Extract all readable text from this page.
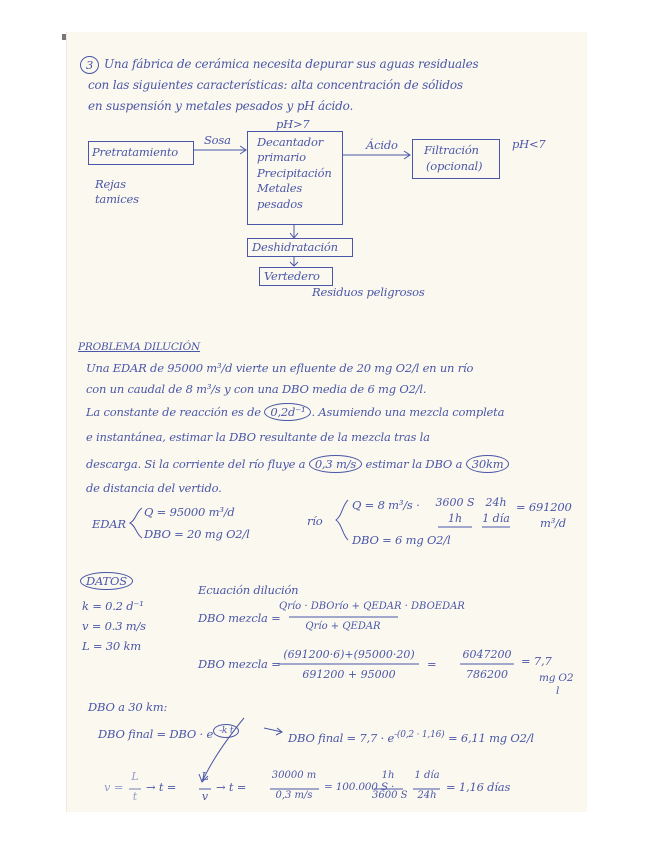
3 Una fábrica de cerámica necesita depurar sus aguas residuales
con las siguientes características: alta concentración de sólidos
en suspensión y metales pesados y pH ácido.
Pretratamiento
Rejas
tamices
Sosa
pH>7
Decantador
primario
Precipitación
Metales
pesados
Ácido Filtración
(opcional)
pH<7
Deshidratación
Vertedero
Residuos peligrosos
PROBLEMA DILUCIÓN
Una EDAR de 95000 m³/d vierte un efluente de 20 mg O2/l en un río
con un caudal de 8 m³/s y con una DBO media de 6 mg O2/l.
La constante de reacción es de 0,2d⁻¹ . Asumiendo una mezcla completa
e instantánea, estimar la DBO resultante de la mezcla tras la
descarga. Si la corriente del río fluye a 0,3 m/s estimar la DBO a 30km
de distancia del vertido.
EDAR
Q = 95000 m³/d
DBO = 20 mg O2/l
río
Q = 8 m³/s ·	3600 S
1h
24h
1 día
= 691200
m³/d
DBO = 6 mg O2/l
DATOS
k = 0.2 d⁻¹
v = 0.3 m/s
L = 30 km
Ecuación dilución
DBO mezcla =
Qrío · DBOrío + QEDAR · DBOEDAR
Qrío + QEDAR
DBO mezcla =
(691200·6)+(95000·20)
691200 + 95000
=
6047200
786200
= 7,7
mg O2
l
DBO a 30 km:
DBO final = DBO · e $^{-k t}$	DBO final = $7,7 \cdot e^{-(0,2 \cdot 1,16)} = 6,11$ mg O2/l
v =
L
t
→ t =
L
v
→ t =
30000 m
0,3 m/s
= 100.000 S ·
1h
3600 S
1 día
24h
= 1,16 días
